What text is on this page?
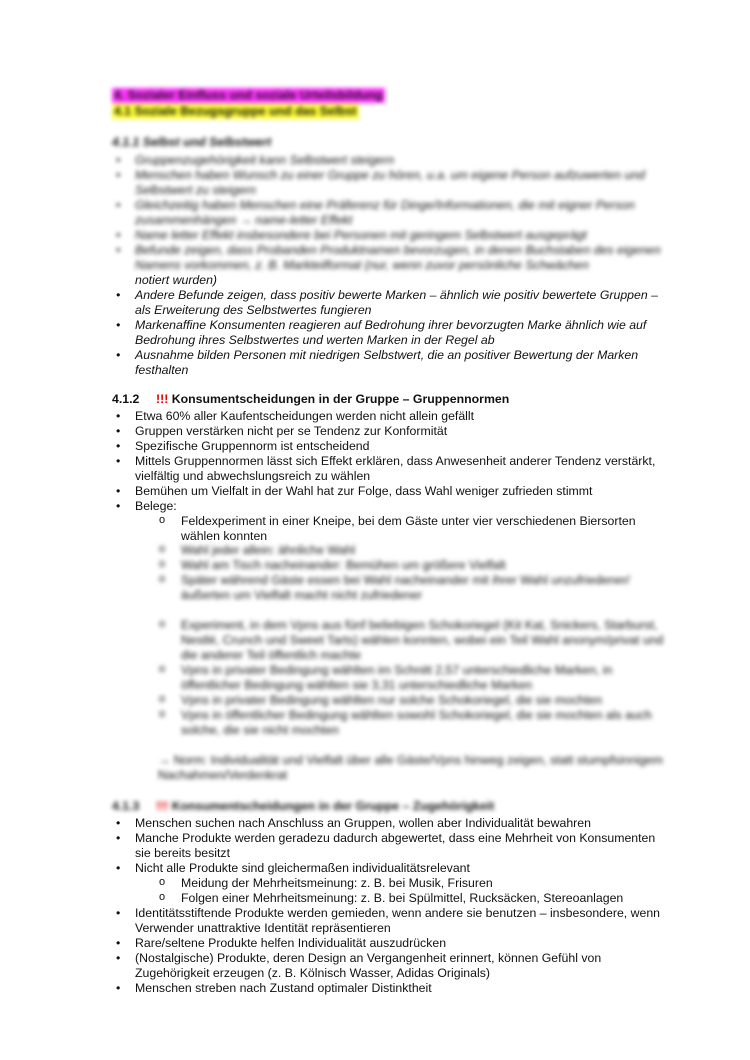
4. Sozialer Einfluss und soziale Urteilsbildung
4.1 Soziale Bezugsgruppe und das Selbst
4.1.1 Selbst und Selbstwert
• Gruppenzugehörigkeit kann Selbstwert steigern
• Menschen haben Wunsch zu einer Gruppe zu hören, u.a. um eigene Person aufzuwerten und Selbstwert zu steigern
• Gleichzeitig haben Menschen eine Präferenz für Dinge/Informationen, die mit eigner Person zusammenhängen → name-letter Effekt
• Name letter Effekt insbesondere bei Personen mit geringem Selbstwert ausgeprägt
• Befunde zeigen, dass Probanden Produktnamen bevorzugen, in denen Buchstaben des eigenen Namens vorkommen, z. B. Markteilformat (nur, wenn zuvor persönliche Schwächen
notiert wurden)
• Andere Befunde zeigen, dass positiv bewerte Marken – ähnlich wie positiv bewertete Gruppen – als Erweiterung des Selbstwertes fungieren
• Markenaffine Konsumenten reagieren auf Bedrohung ihrer bevorzugten Marke ähnlich wie auf Bedrohung ihres Selbstwertes und werten Marken in der Regel ab
• Ausnahme bilden Personen mit niedrigen Selbstwert, die an positiver Bewertung der Marken festhalten
4.1.2 !!! Konsumentscheidungen in der Gruppe – Gruppennormen
• Etwa 60% aller Kaufentscheidungen werden nicht allein gefällt
• Gruppen verstärken nicht per se Tendenz zur Konformität
• Spezifische Gruppennorm ist entscheidend
• Mittels Gruppennormen lässt sich Effekt erklären, dass Anwesenheit anderer Tendenz verstärkt, vielfältig und abwechslungsreich zu wählen
• Bemühen um Vielfalt in der Wahl hat zur Folge, dass Wahl weniger zufrieden stimmt
• Belege:
o Feldexperiment in einer Kneipe, bei dem Gäste unter vier verschiedenen Biersorten wählen konnten
o Wahl jeder allein: ähnliche Wahl
o Wahl am Tisch nacheinander: Bemühen um größere Vielfalt
o Später während Gäste essen bei Wahl nacheinander mit ihrer Wahl unzufriedener/äußerten um Vielfalt macht nicht zufriedener
o Experiment, in dem Vpns aus fünf beliebigen Schokoriegel (Kit Kat, Snickers, Starburst, Nestlé, Crunch und Sweet Tarts) wählen konnten, wobei ein Teil Wahl anonym/privat und die anderer Teil öffentlich machte
o Vpns in privater Bedingung wählten im Schnitt 2,57 unterschiedliche Marken, in öffentlicher Bedingung wählten sie 3,31 unterschiedliche Marken
o Vpns in privater Bedingung wählten nur solche Schokoriegel, die sie mochten
o Vpns in öffentlicher Bedingung wählten sowohl Schokoriegel, die sie mochten als auch solche, die sie nicht mochten
→ Norm: Individualität und Vielfalt über alle Gäste/Vpns hinweg zeigen, statt stumpfsinnigem Nachahmen/Verdenkrat
4.1.3 !!! Konsumentscheidungen in der Gruppe – Zugehörigkeit
• Menschen suchen nach Anschluss an Gruppen, wollen aber Individualität bewahren
• Manche Produkte werden geradezu dadurch abgewertet, dass eine Mehrheit von Konsumenten sie bereits besitzt
• Nicht alle Produkte sind gleichermaßen individualitätsrelevant
o Meidung der Mehrheitsmeinung: z. B. bei Musik, Frisuren
o Folgen einer Mehrheitsmeinung: z. B. bei Spülmittel, Rucksäcken, Stereoanlagen
• Identitätsstiftende Produkte werden gemieden, wenn andere sie benutzen – insbesondere, wenn Verwender unattraktive Identität repräsentieren
• Rare/seltene Produkte helfen Individualität auszudrücken
• (Nostalgische) Produkte, deren Design an Vergangenheit erinnert, können Gefühl von Zugehörigkeit erzeugen (z. B. Kölnisch Wasser, Adidas Originals)
• Menschen streben nach Zustand optimaler Distinktheit
